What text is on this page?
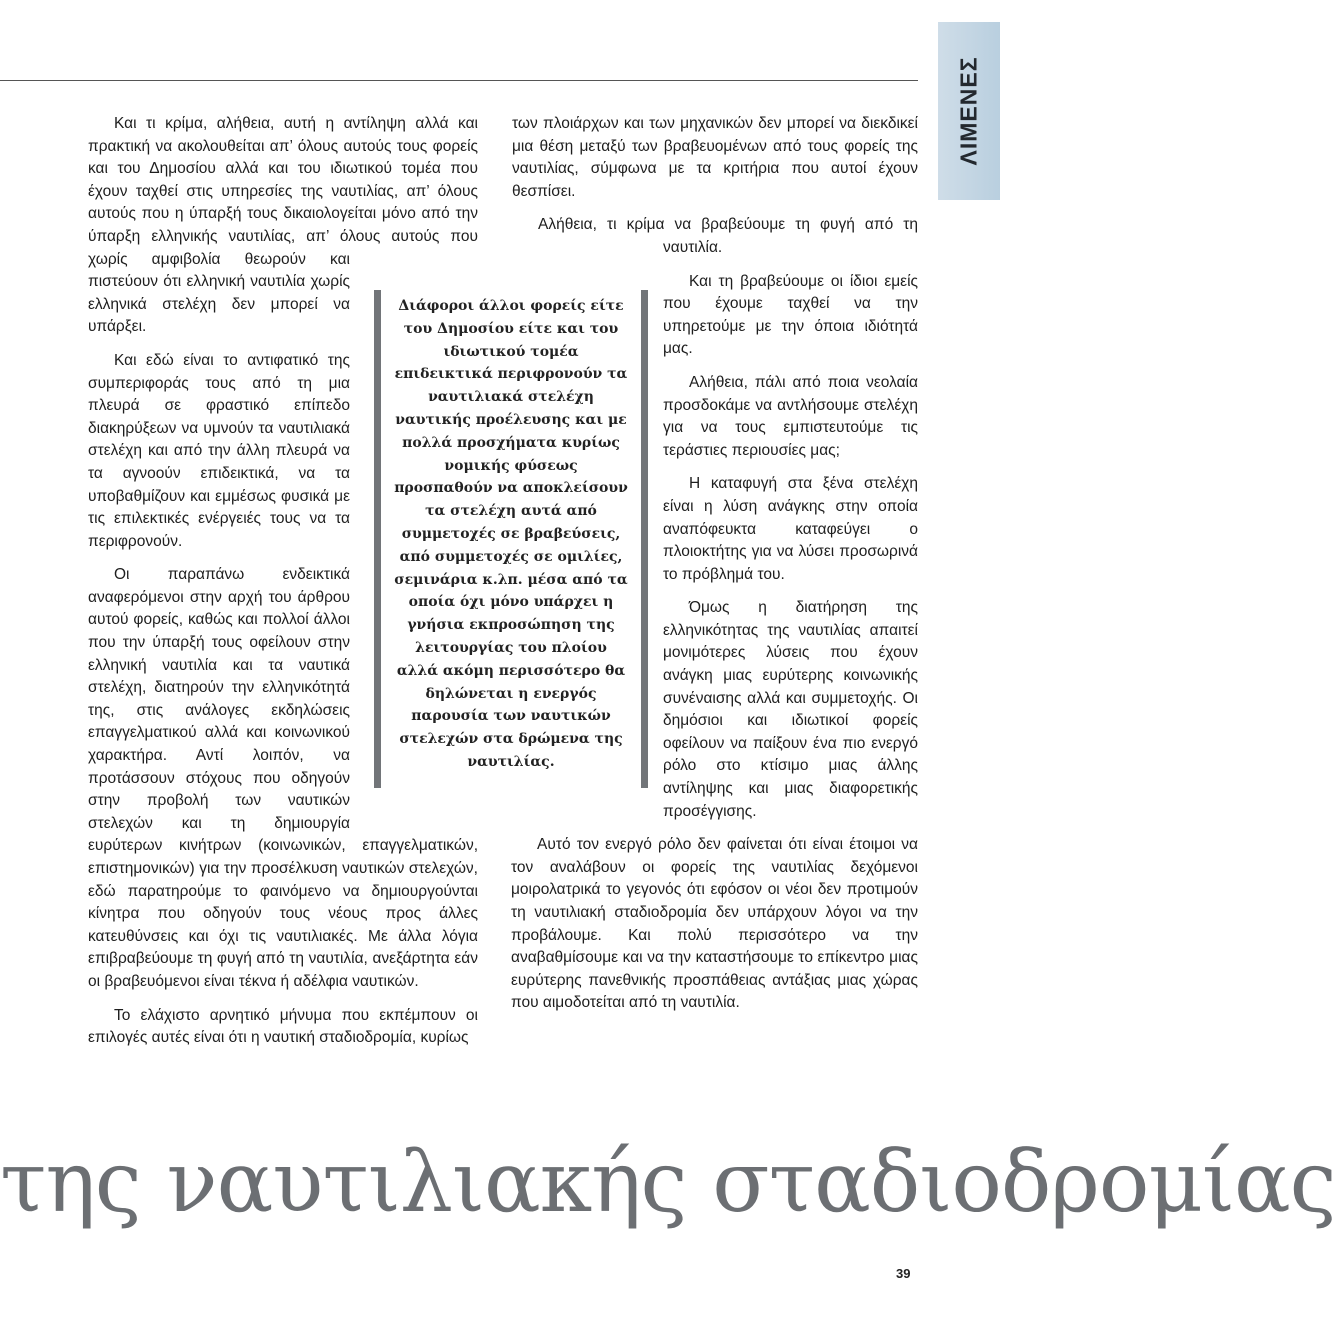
ΛΙΜΕΝΕΣ

Και τι κρίμα, αλήθεια, αυτή η αντίληψη αλλά και πρακτική να ακολουθείται απ’ όλους αυτούς τους φορείς και του Δημοσίου αλλά και του ιδιωτικού τομέα που έχουν ταχθεί στις υπηρεσίες της ναυτιλίας, απ’ όλους αυτούς που η ύπαρξή τους δικαιολογείται μόνο από την ύπαρξη ελληνικής ναυτιλίας, απ’ όλους αυτούς που χωρίς αμφιβολία θεωρούν και πιστεύουν ότι ελληνική ναυτιλία χωρίς ελληνικά στελέχη δεν μπορεί να υπάρξει.

Και εδώ είναι το αντιφατικό της συμπεριφοράς τους από τη μια πλευρά σε φραστικό επίπεδο διακηρύξεων να υμνούν τα ναυτιλιακά στελέχη και από την άλλη πλευρά να τα αγνοούν επιδεικτικά, να τα υποβαθμίζουν και εμμέσως φυσικά με τις επιλεκτικές ενέργειές τους να τα περιφρονούν.

Οι παραπάνω ενδεικτικά αναφερόμενοι στην αρχή του άρθρου αυτού φορείς, καθώς και πολλοί άλλοι που την ύπαρξή τους οφείλουν στην ελληνική ναυτιλία και τα ναυτικά στελέχη, διατηρούν την ελληνικότητά της, στις ανάλογες εκδηλώσεις επαγγελματικού αλλά και κοινωνικού χαρακτήρα. Αντί λοιπόν, να προτάσσουν στόχους που οδηγούν στην προβολή των ναυτικών στελεχών και τη δημιουργία ευρύτερων κινήτρων (κοινωνικών, επαγγελματικών, επιστημονικών) για την προσέλκυση ναυτικών στελεχών, εδώ παρατηρούμε το φαινόμενο να δημιουργούνται κίνητρα που οδηγούν τους νέους προς άλλες κατευθύνσεις και όχι τις ναυτιλιακές. Με άλλα λόγια επιβραβεύουμε τη φυγή από τη ναυτιλία, ανεξάρτητα εάν οι βραβευόμενοι είναι τέκνα ή αδέλφια ναυτικών.

Το ελάχιστο αρνητικό μήνυμα που εκπέμπουν οι επιλογές αυτές είναι ότι η ναυτική σταδιοδρομία, κυρίως

των πλοιάρχων και των μηχανικών δεν μπορεί να διεκδικεί μια θέση μεταξύ των βραβευομένων από τους φορείς της ναυτιλίας, σύμφωνα με τα κριτήρια που αυτοί έχουν θεσπίσει.

Αλήθεια, τι κρίμα να βραβεύουμε τη φυγή από τη ναυτιλία.

Και τη βραβεύουμε οι ίδιοι εμείς που έχουμε ταχθεί να την υπηρετούμε με την όποια ιδιότητά μας.

Αλήθεια, πάλι από ποια νεολαία προσδοκάμε να αντλήσουμε στελέχη για να τους εμπιστευτούμε τις τεράστιες περιουσίες μας;

Η καταφυγή στα ξένα στελέχη είναι η λύση ανάγκης στην οποία αναπόφευκτα καταφεύγει ο πλοιοκτήτης για να λύσει προσωρινά το πρόβλημά του.

Όμως η διατήρηση της ελληνικότητας της ναυτιλίας απαιτεί μονιμότερες λύσεις που έχουν ανάγκη μιας ευρύτερης κοινωνικής συνέναισης αλλά και συμμετοχής. Οι δημόσιοι και ιδιωτικοί φορείς οφείλουν να παίξουν ένα πιο ενεργό ρόλο στο κτίσιμο μιας άλλης αντίληψης και μιας διαφορετικής προσέγγισης.

Αυτό τον ενεργό ρόλο δεν φαίνεται ότι είναι έτοιμοι να τον αναλάβουν οι φορείς της ναυτιλίας δεχόμενοι μοιρολατρικά το γεγονός ότι εφόσον οι νέοι δεν προτιμούν τη ναυτιλιακή σταδιοδρομία δεν υπάρχουν λόγοι να την προβάλουμε. Και πολύ περισσότερο να την αναβαθμίσουμε και να την καταστήσουμε το επίκεντρο μιας ευρύτερης πανεθνικής προσπάθειας αντάξιας μιας χώρας που αιμοδοτείται από τη ναυτιλία.

Διάφοροι άλλοι φορείς είτε του Δημοσίου είτε και του ιδιωτικού τομέα επιδεικτικά περιφρονούν τα ναυτιλιακά στελέχη ναυτικής προέλευσης και με πολλά προσχήματα κυρίως νομικής φύσεως προσπαθούν να αποκλείσουν τα στελέχη αυτά από συμμετοχές σε βραβεύσεις, από συμμετοχές σε ομιλίες, σεμινάρια κ.λπ. μέσα από τα οποία όχι μόνο υπάρχει η γνήσια εκπροσώπηση της λειτουργίας του πλοίου αλλά ακόμη περισσότερο θα δηλώνεται η ενεργός παρουσία των ναυτικών στελεχών στα δρώμενα της ναυτιλίας.
της ναυτιλιακής σταδιοδρομίας
39
